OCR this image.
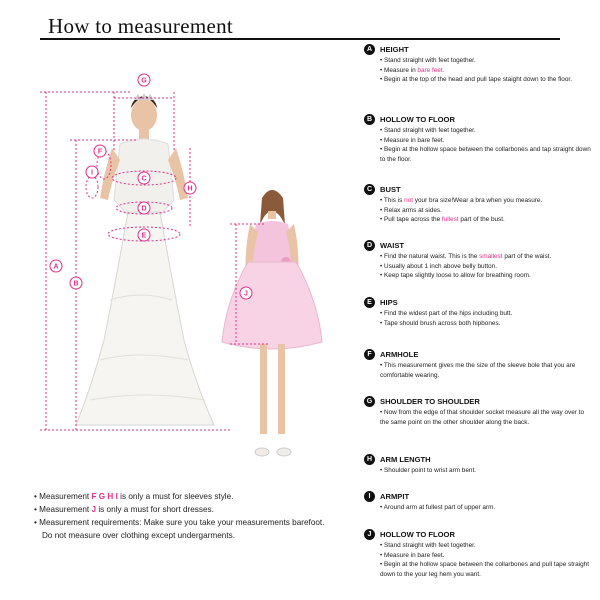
How to measurement
G
F
I
C
D
E
H
A
B
J
• Measurement F G H I is only a must for sleeves style.
• Measurement J is only a must for short dresses.
• Measurement requirements: Make sure you take your measurements barefoot.
Do not measure over clothing except undergarments.
A	HEIGHT
• Stand straight with feet together.
• Measure in bare feet.
• Begin at the top of the head and pull tape staight down to the floor.
B	HOLLOW TO FLOOR
• Stand straight with feet together.
• Measure in bare feet.
• Begin at the hollow space between the collarbones and tap straight down to the floor.
C	BUST
• This is not your bra size!Wear a bra when you measure.
• Relax arms at sides.
• Pull tape across the fullest part of the bust.
D	WAIST
• Find the natural waist. This is the smallest part of the waist.
• Usually about 1 inch above belly button.
• Keep tape slightly loose to allow for breathing room.
E	HIPS
• Find the widest part of the hips including butt.
• Tape should brush across both hipbones.
F	ARMHOLE
• This measurement gives me the size of the sleeve bole that you are comfortable wearing.
G	SHOULDER TO SHOULDER
• Now from the edge of that shoulder socket measure all the way over to the same point on the other shoulder along the back.
H	ARM LENGTH
• Shoulder point to wrist arm bent.
I	ARMPIT
• Around arm at fullest part of upper arm.
J	HOLLOW TO FLOOR
• Stand straight with feet together.
• Measure in bare feet.
• Begin at the hollow space between the collarbones and pull tape straight down to the your leg hem you want.
